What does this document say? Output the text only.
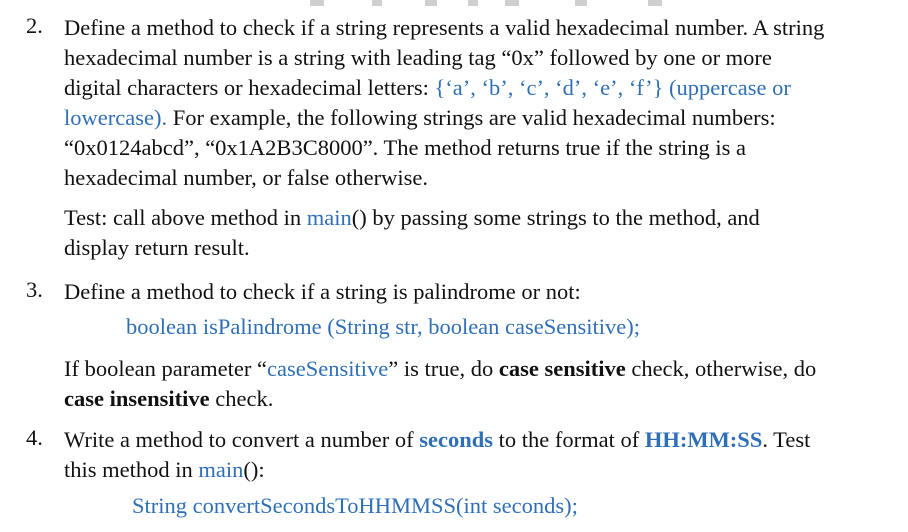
2. Define a method to check if a string represents a valid hexadecimal number. A string
hexadecimal number is a string with leading tag “0x” followed by one or more
digital characters or hexadecimal letters: {‘a’, ‘b’, ‘c’, ‘d’, ‘e’, ‘f’} (uppercase or
lowercase). For example, the following strings are valid hexadecimal numbers:
“0x0124abcd”, “0x1A2B3C8000”. The method returns true if the string is a
hexadecimal number, or false otherwise.
Test: call above method in main() by passing some strings to the method, and
display return result.
3. Define a method to check if a string is palindrome or not:
boolean isPalindrome (String str, boolean caseSensitive);
If boolean parameter “caseSensitive” is true, do case sensitive check, otherwise, do
case insensitive check.
4. Write a method to convert a number of seconds to the format of HH:MM:SS. Test
this method in main():
String convertSecondsToHHMMSS(int seconds);
